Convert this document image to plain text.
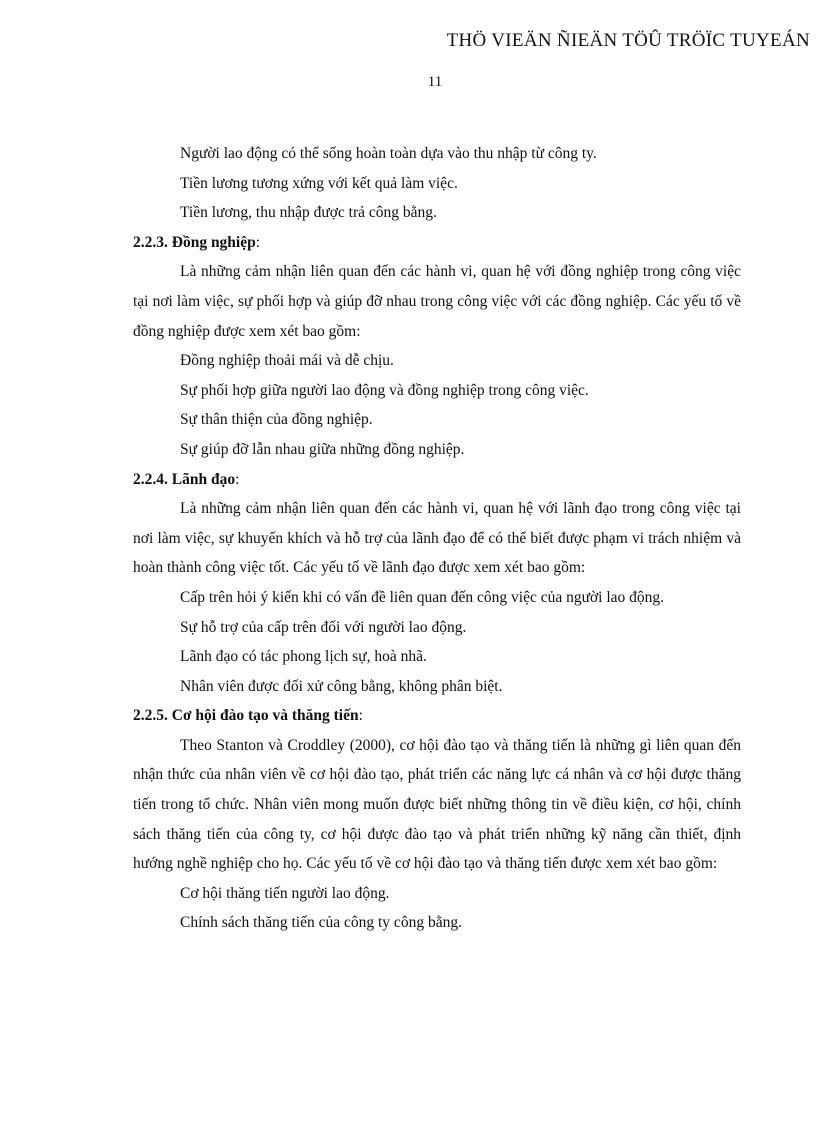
THÖ VIEÄN ÑIEÄN TÖÛ TRÖÏC TUYEÁN
11

Người lao động có thể sống hoàn toàn dựa vào thu nhập từ công ty.

Tiền lương tương xứng với kết quả làm việc.

Tiền lương, thu nhập được trả công bằng.

2.2.3. Đồng nghiệp:

Là những cảm nhận liên quan đến các hành vi, quan hệ với đồng nghiệp trong công việc tại nơi làm việc, sự phối hợp và giúp đỡ nhau trong công việc với các đồng nghiệp. Các yếu tố về đồng nghiệp được xem xét bao gồm:

Đồng nghiệp thoải mái và dễ chịu.

Sự phối hợp giữa người lao động và đồng nghiệp trong công việc.

Sự thân thiện của đồng nghiệp.

Sự giúp đỡ lẫn nhau giữa những đồng nghiệp.

2.2.4. Lãnh đạo:

Là những cảm nhận liên quan đến các hành vi, quan hệ với lãnh đạo trong công việc tại nơi làm việc, sự khuyến khích và hỗ trợ của lãnh đạo để có thể biết được phạm vi trách nhiệm và hoàn thành công việc tốt. Các yếu tố về lãnh đạo được xem xét bao gồm:

Cấp trên hỏi ý kiến khi có vấn đề liên quan đến công việc của người lao động.

Sự hỗ trợ của cấp trên đối với người lao động.

Lãnh đạo có tác phong lịch sự, hoà nhã.

Nhân viên được đối xử công bằng, không phân biệt.

2.2.5. Cơ hội đào tạo và thăng tiến:

Theo Stanton và Croddley (2000), cơ hội đào tạo và thăng tiến là những gì liên quan đến nhận thức của nhân viên về cơ hội đào tạo, phát triển các năng lực cá nhân và cơ hội được thăng tiến trong tổ chức. Nhân viên mong muốn được biết những thông tin về điều kiện, cơ hội, chính sách thăng tiến của công ty, cơ hội được đào tạo và phát triển những kỹ năng cần thiết, định hướng nghề nghiệp cho họ. Các yếu tố về cơ hội đào tạo và thăng tiến được xem xét bao gồm:

Cơ hội thăng tiến người lao động.

Chính sách thăng tiến của công ty công bằng.
